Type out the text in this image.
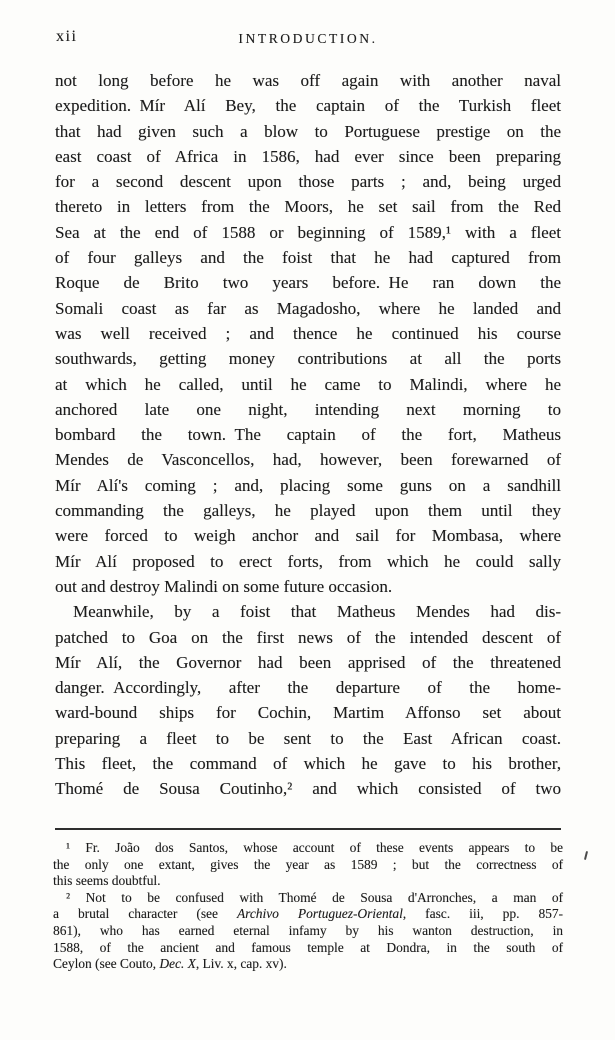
xii	INTRODUCTION.
not long before he was off again with another naval
expedition. Mír Alí Bey, the captain of the Turkish fleet
that had given such a blow to Portuguese prestige on the
east coast of Africa in 1586, had ever since been preparing
for a second descent upon those parts ; and, being urged
thereto in letters from the Moors, he set sail from the Red
Sea at the end of 1588 or beginning of 1589,¹ with a fleet
of four galleys and the foist that he had captured from
Roque de Brito two years before. He ran down the
Somali coast as far as Magadosho, where he landed and
was well received ; and thence he continued his course
southwards, getting money contributions at all the ports
at which he called, until he came to Malindi, where he
anchored late one night, intending next morning to
bombard the town. The captain of the fort, Matheus
Mendes de Vasconcellos, had, however, been forewarned of
Mír Alí's coming ; and, placing some guns on a sandhill
commanding the galleys, he played upon them until they
were forced to weigh anchor and sail for Mombasa, where
Mír Alí proposed to erect forts, from which he could sally
out and destroy Malindi on some future occasion.
Meanwhile, by a foist that Matheus Mendes had dis-
patched to Goa on the first news of the intended descent of
Mír Alí, the Governor had been apprised of the threatened
danger. Accordingly, after the departure of the home-
ward-bound ships for Cochin, Martim Affonso set about
preparing a fleet to be sent to the East African coast.
This fleet, the command of which he gave to his brother,
Thomé de Sousa Coutinho,² and which consisted of two
¹ Fr. João dos Santos, whose account of these events appears to be
the only one extant, gives the year as 1589 ; but the correctness of
this seems doubtful.
² Not to be confused with Thomé de Sousa d'Arronches, a man of
a brutal character (see Archivo Portuguez-Oriental, fasc. iii, pp. 857-
861), who has earned eternal infamy by his wanton destruction, in
1588, of the ancient and famous temple at Dondra, in the south of
Ceylon (see Couto, Dec. X, Liv. x, cap. xv).
